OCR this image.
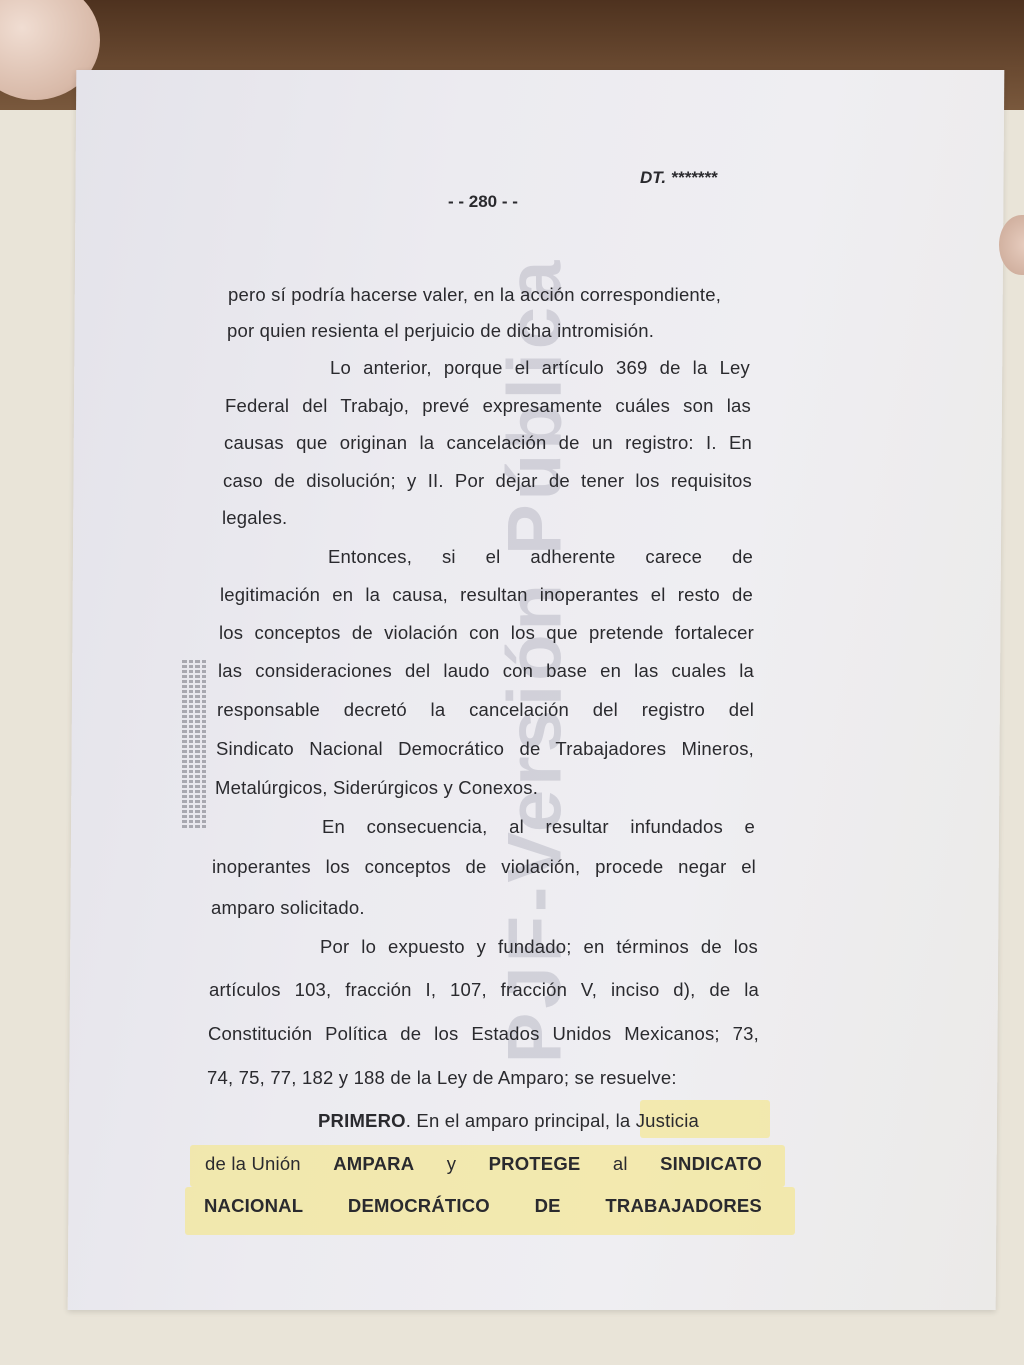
PJF-Versión Pública
DT. *******
- - 280 - -
pero sí podría hacerse valer, en la acción correspondiente,
por quien resienta el perjuicio de dicha intromisión.
Lo anterior, porque el artículo 369 de la Ley
Federal del Trabajo, prevé expresamente cuáles son las
causas que originan la cancelación de un registro: I. En
caso de disolución; y II. Por dejar de tener los requisitos
legales.
Entonces, si el adherente carece de
legitimación en la causa, resultan inoperantes el resto de
los conceptos de violación con los que pretende fortalecer
las consideraciones del laudo con base en las cuales la
responsable decretó la cancelación del registro del
Sindicato Nacional Democrático de Trabajadores Mineros,
Metalúrgicos, Siderúrgicos y Conexos.
En consecuencia, al resultar infundados e
inoperantes los conceptos de violación, procede negar el
amparo solicitado.
Por lo expuesto y fundado; en términos de los
artículos 103, fracción I, 107, fracción V, inciso d), de la
Constitución Política de los Estados Unidos Mexicanos; 73,
74, 75, 77, 182 y 188 de la Ley de Amparo; se resuelve:
PRIMERO. En el amparo principal, la Justicia
de la Unión AMPARA y PROTEGE al SINDICATO
NACIONAL DEMOCRÁTICO DE TRABAJADORES
